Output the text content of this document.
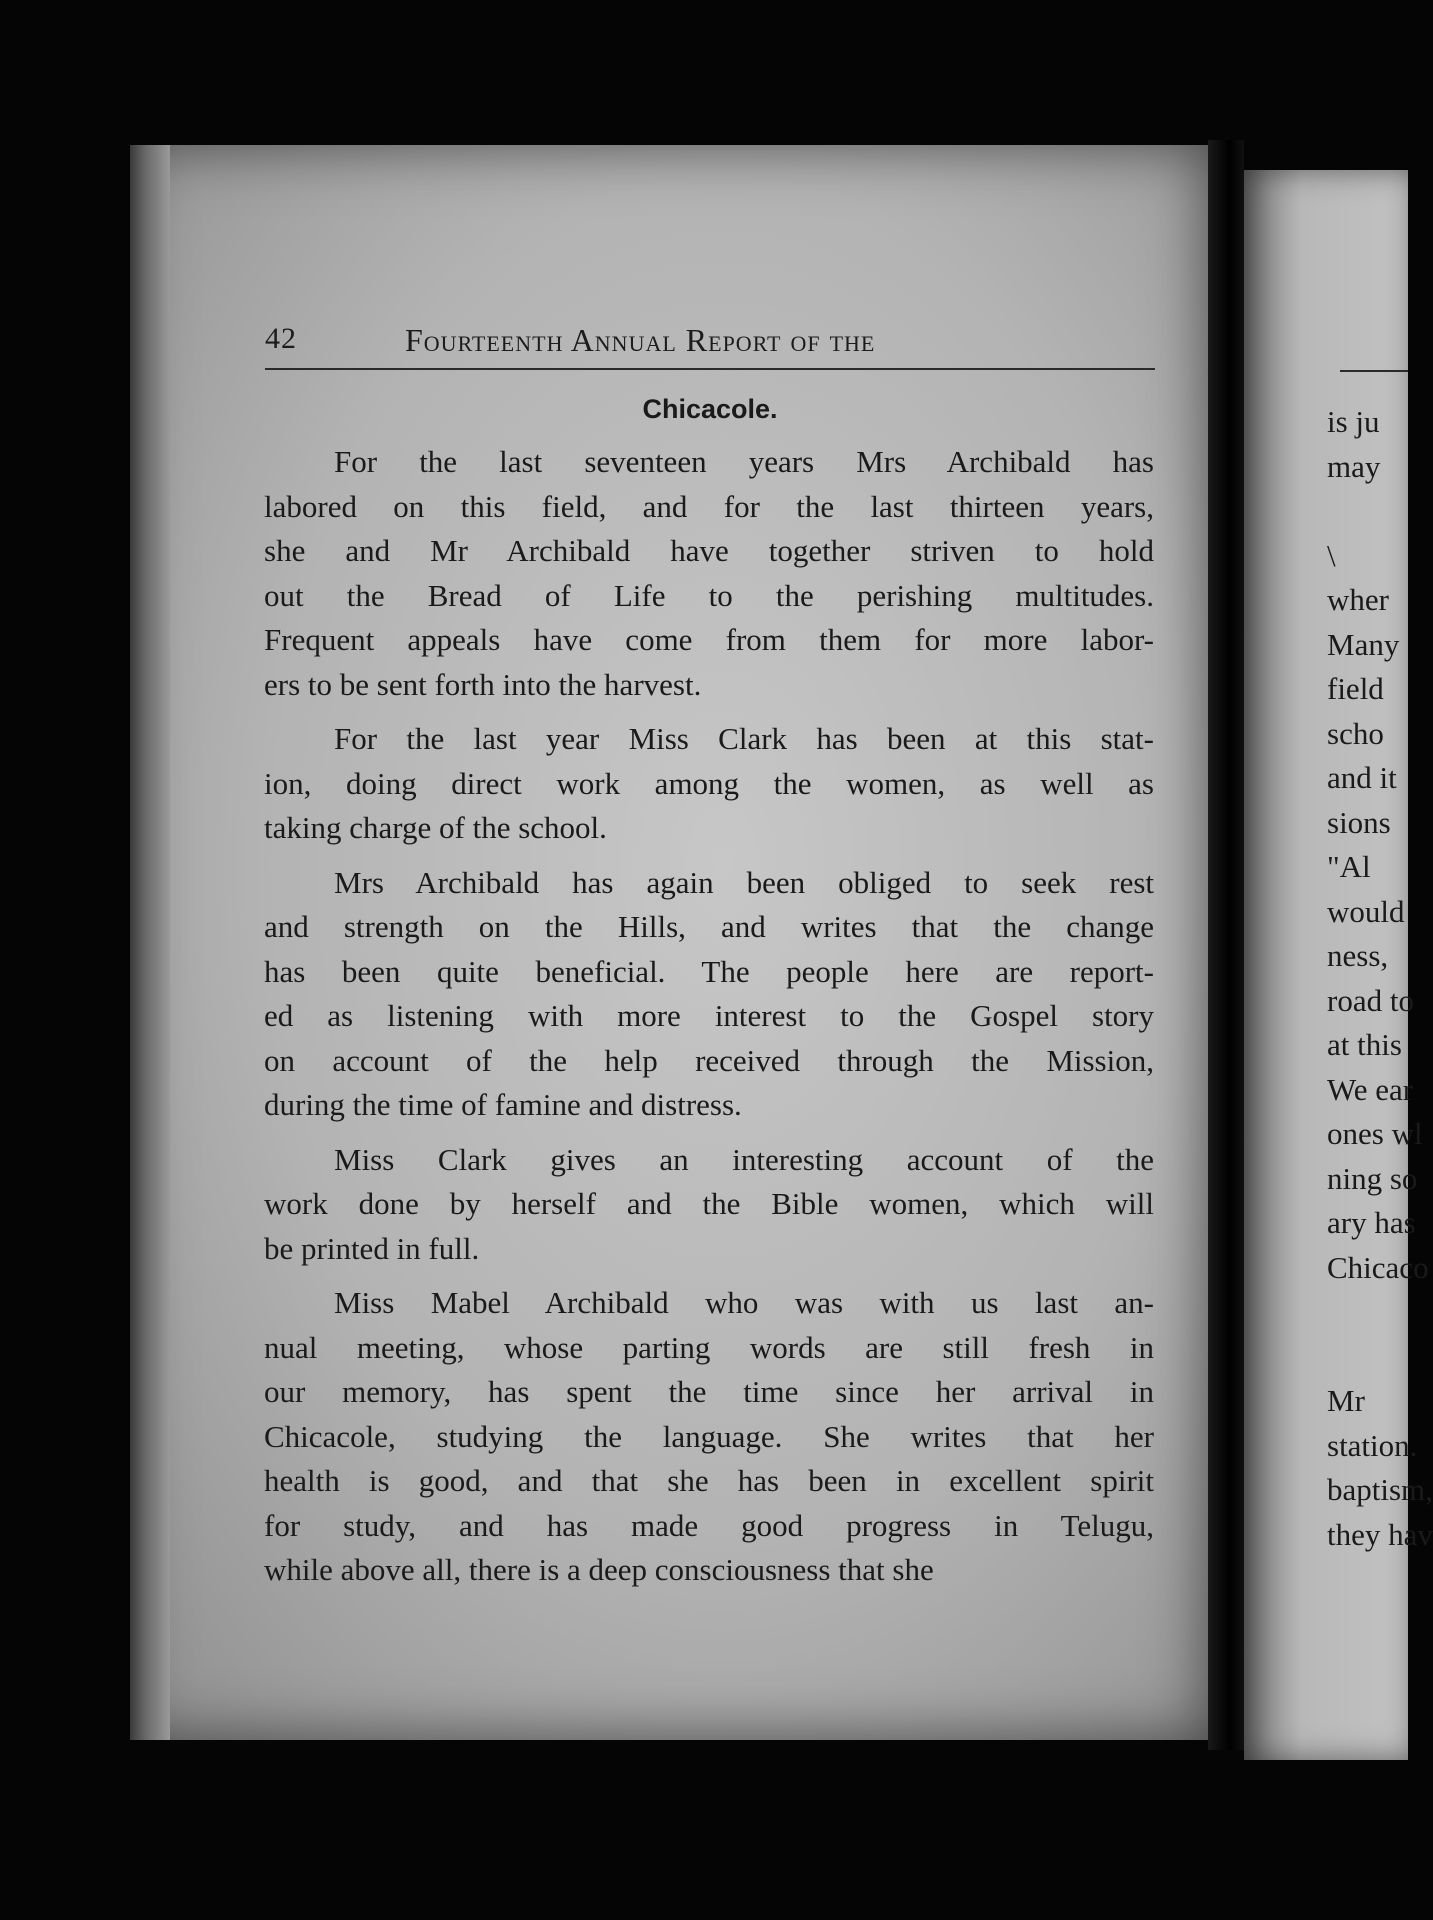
42	Fourteenth Annual Report of the
Chicacole.
For the last seventeen years Mrs Archibald has
labored on this field, and for the last thirteen years,
she and Mr Archibald have together striven to hold
out the Bread of Life to the perishing multitudes.
Frequent appeals have come from them for more labor-
ers to be sent forth into the harvest.
For the last year Miss Clark has been at this stat-
ion, doing direct work among the women, as well as
taking charge of the school.
Mrs Archibald has again been obliged to seek rest
and strength on the Hills, and writes that the change
has been quite beneficial. The people here are report-
ed as listening with more interest to the Gospel story
on account of the help received through the Mission,
during the time of famine and distress.
Miss Clark gives an interesting account of the
work done by herself and the Bible women, which will
be printed in full.
Miss Mabel Archibald who was with us last an-
nual meeting, whose parting words are still fresh in
our memory, has spent the time since her arrival in
Chicacole, studying the language. She writes that her
health is good, and that she has been in excellent spirit
for study, and has made good progress in Telugu,
while above all, there is a deep consciousness that she
is ju
may
\
wher
Many
field
scho
and it
sions
"Al
would
ness,
road to
at this
We ear
ones wl
ning so
ary has
Chicaco
Mr
station.
baptism,
they hav
